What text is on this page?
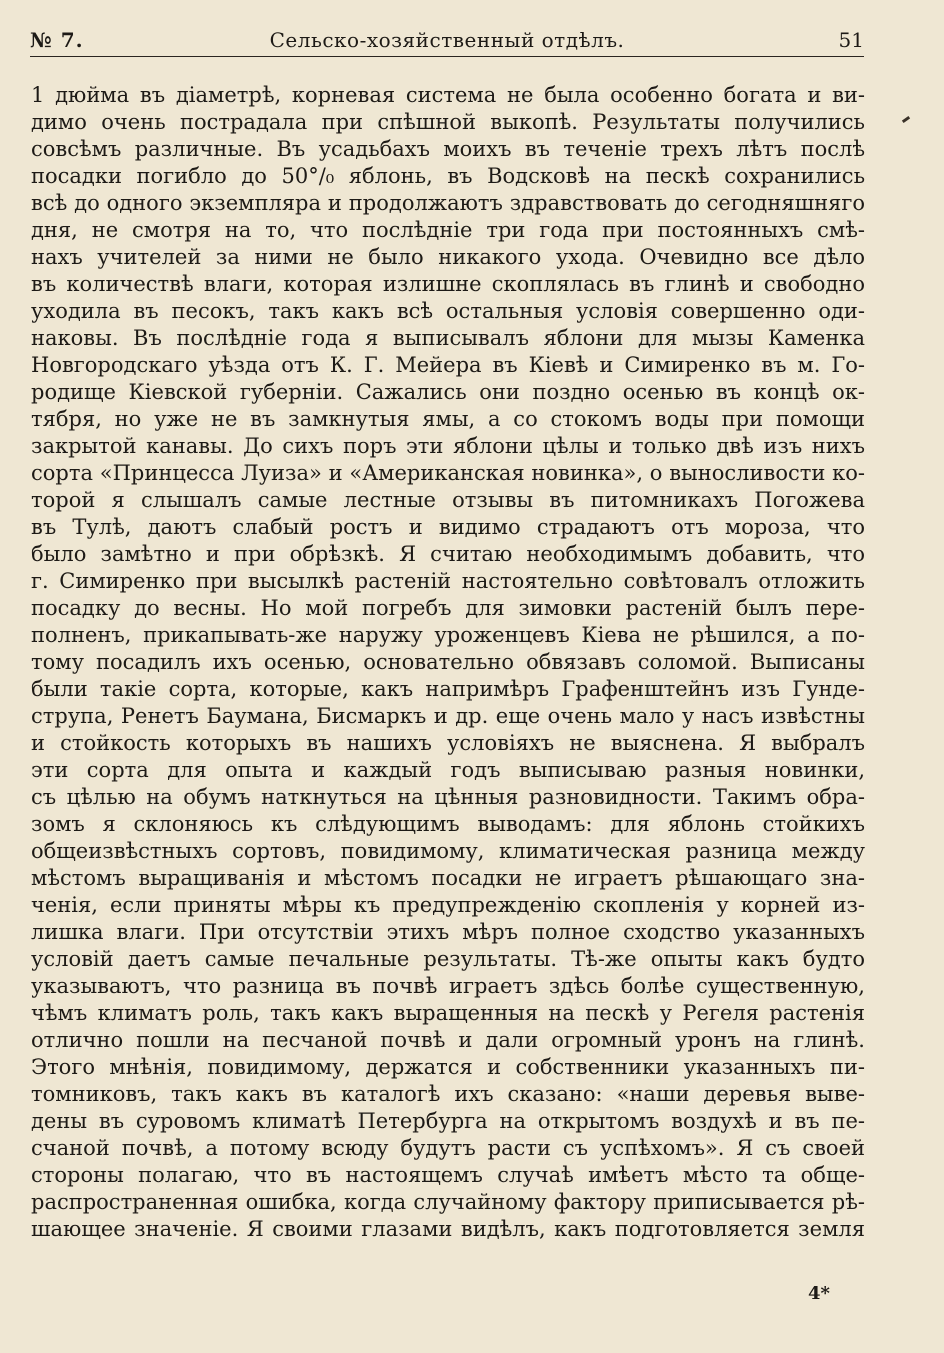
№ 7.	Сельско-хозяйственный отдѣлъ.	51
1 дюйма въ діаметрѣ, корневая система не была особенно богата и ви-
димо очень пострадала при спѣшной выкопѣ. Результаты получились
совсѣмъ различные. Въ усадьбахъ моихъ въ теченіе трехъ лѣтъ послѣ
посадки погибло до 50°/₀ яблонь, въ Водсковѣ на пескѣ сохранились
всѣ до одного экземпляра и продолжаютъ здравствовать до сегодняшняго
дня, не смотря на то, что послѣдніе три года при постоянныхъ смѣ-
нахъ учителей за ними не было никакого ухода. Очевидно все дѣло
въ количествѣ влаги, которая излишне скоплялась въ глинѣ и свободно
уходила въ песокъ, такъ какъ всѣ остальныя условія совершенно оди-
наковы. Въ послѣдніе года я выписывалъ яблони для мызы Каменка
Новгородскаго уѣзда отъ К. Г. Мейера въ Кіевѣ и Симиренко въ м. Го-
родище Кіевской губерніи. Сажались они поздно осенью въ концѣ ок-
тября, но уже не въ замкнутыя ямы, а со стокомъ воды при помощи
закрытой канавы. До сихъ поръ эти яблони цѣлы и только двѣ изъ нихъ
сорта «Принцесса Луиза» и «Американская новинка», о выносливости ко-
торой я слышалъ самые лестные отзывы въ питомникахъ Погожева
въ Тулѣ, даютъ слабый ростъ и видимо страдаютъ отъ мороза, что
было замѣтно и при обрѣзкѣ. Я считаю необходимымъ добавить, что
г. Симиренко при высылкѣ растеній настоятельно совѣтовалъ отложить
посадку до весны. Но мой погребъ для зимовки растеній былъ пере-
полненъ, прикапывать-же наружу уроженцевъ Кіева не рѣшился, а по-
тому посадилъ ихъ осенью, основательно обвязавъ соломой. Выписаны
были такіе сорта, которые, какъ напримѣръ Графенштейнъ изъ Гунде-
струпа, Ренетъ Баумана, Бисмаркъ и др. еще очень мало у насъ извѣстны
и стойкость которыхъ въ нашихъ условіяхъ не выяснена. Я выбралъ
эти сорта для опыта и каждый годъ выписываю разныя новинки,
съ цѣлью на обумъ наткнуться на цѣнныя разновидности. Такимъ обра-
зомъ я склоняюсь къ слѣдующимъ выводамъ: для яблонь стойкихъ
общеизвѣстныхъ сортовъ, повидимому, климатическая разница между
мѣстомъ выращиванія и мѣстомъ посадки не играетъ рѣшающаго зна-
ченія, если приняты мѣры къ предупрежденію скопленія у корней из-
лишка влаги. При отсутствіи этихъ мѣръ полное сходство указанныхъ
условій даетъ самые печальные результаты. Тѣ-же опыты какъ будто
указываютъ, что разница въ почвѣ играетъ здѣсь болѣе существенную,
чѣмъ климатъ роль, такъ какъ выращенныя на пескѣ у Регеля растенія
отлично пошли на песчаной почвѣ и дали огромный уронъ на глинѣ.
Этого мнѣнія, повидимому, держатся и собственники указанныхъ пи-
томниковъ, такъ какъ въ каталогѣ ихъ сказано: «наши деревья выве-
дены въ суровомъ климатѣ Петербурга на открытомъ воздухѣ и въ пе-
счаной почвѣ, а потому всюду будутъ расти съ успѣхомъ». Я съ своей
стороны полагаю, что въ настоящемъ случаѣ имѣетъ мѣсто та обще-
распространенная ошибка, когда случайному фактору приписывается рѣ-
шающее значеніе. Я своими глазами видѣлъ, какъ подготовляется земля
4*
